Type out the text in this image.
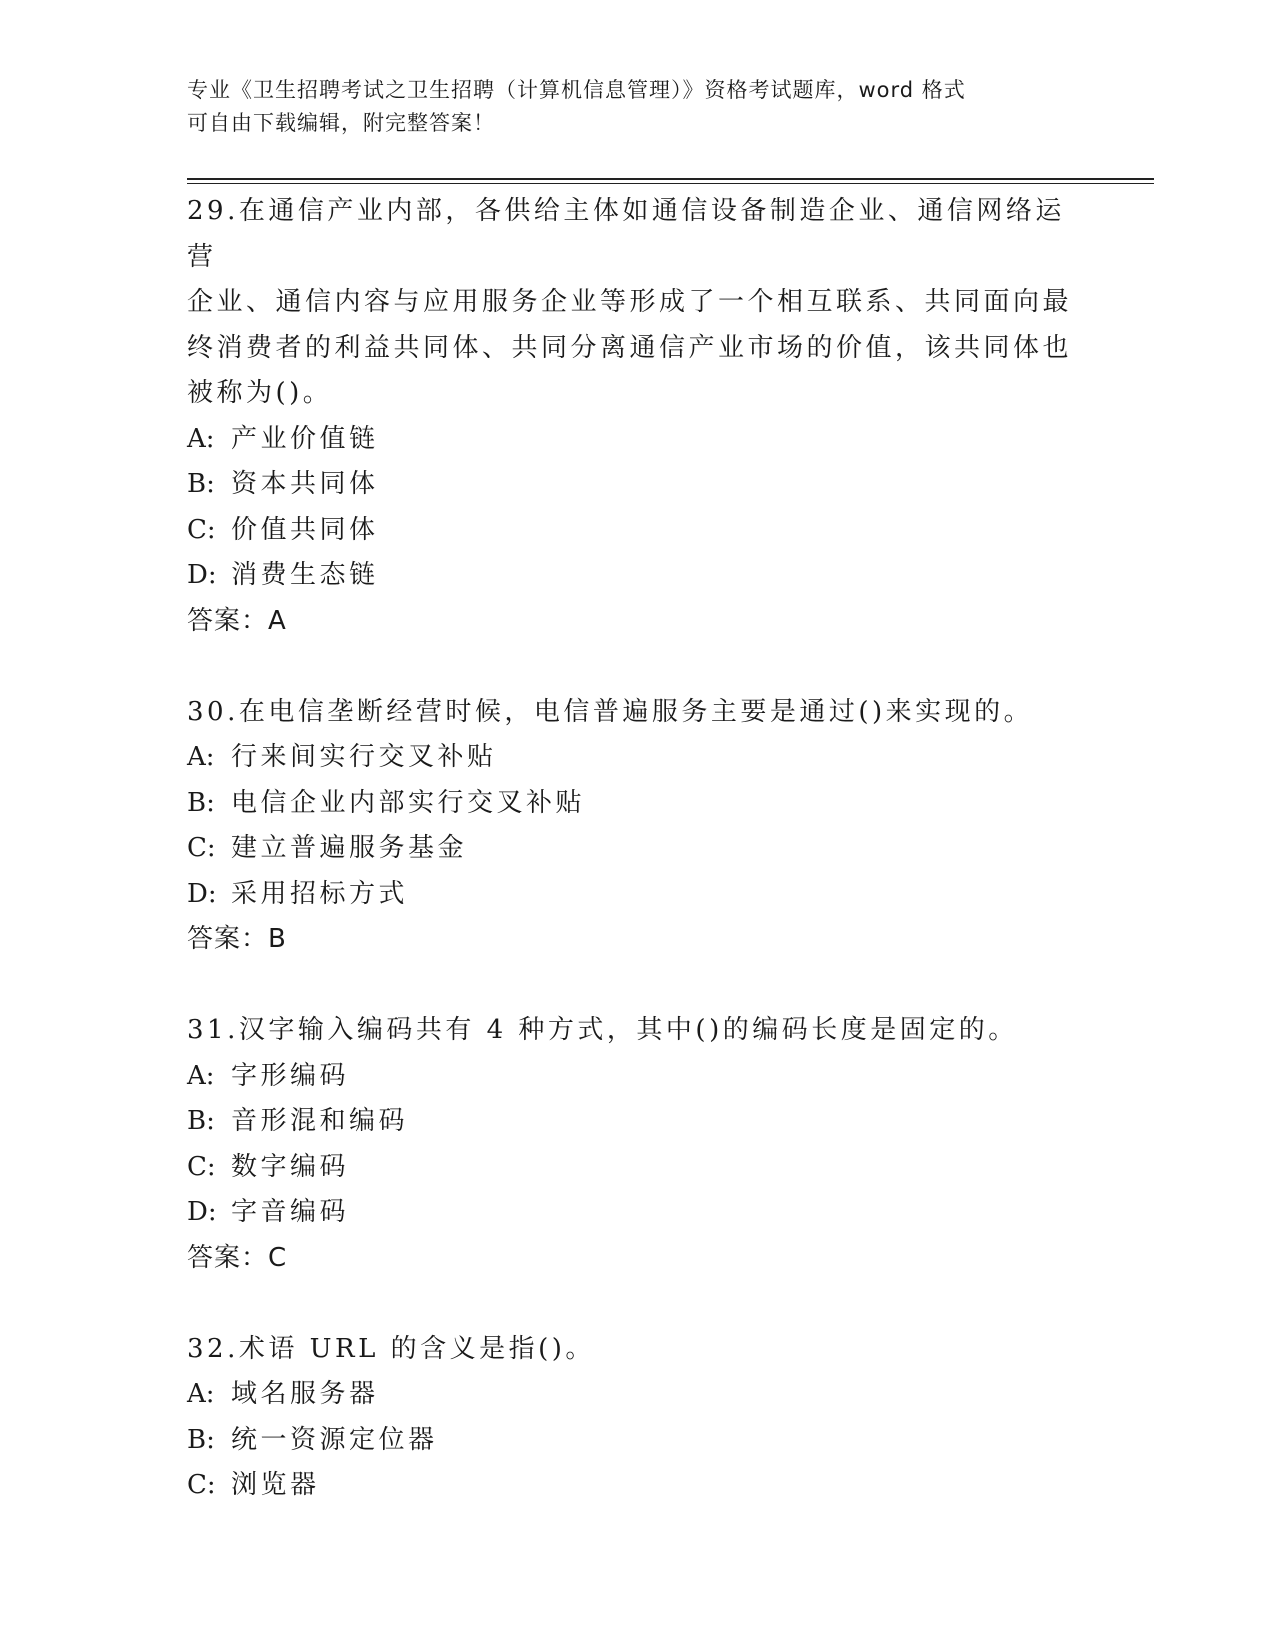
专业《卫生招聘考试之卫生招聘（计算机信息管理）》资格考试题库，word 格式
可自由下载编辑，附完整答案！
29.在通信产业内部，各供给主体如通信设备制造企业、通信网络运营
企业、通信内容与应用服务企业等形成了一个相互联系、共同面向最
终消费者的利益共同体、共同分离通信产业市场的价值，该共同体也
被称为()。
A: 产业价值链
B: 资本共同体
C: 价值共同体
D: 消费生态链
答案：A
30.在电信垄断经营时候，电信普遍服务主要是通过()来实现的。
A: 行来间实行交叉补贴
B: 电信企业内部实行交叉补贴
C: 建立普遍服务基金
D: 采用招标方式
答案：B
31.汉字输入编码共有 4 种方式，其中()的编码长度是固定的。
A: 字形编码
B: 音形混和编码
C: 数字编码
D: 字音编码
答案：C
32.术语 URL 的含义是指()。
A: 域名服务器
B: 统一资源定位器
C: 浏览器
